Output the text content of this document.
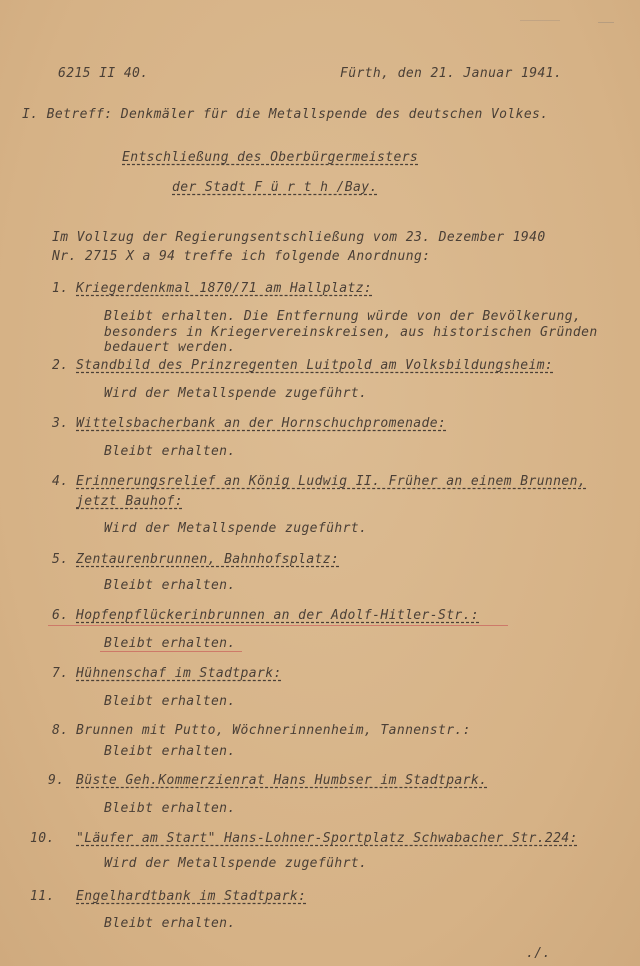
6215 II 40.	Fürth, den 21. Januar 1941.
I. Betreff: Denkmäler für die Metallspende des deutschen Volkes.
Entschließung des Oberbürgermeisters
der Stadt F ü r t h /Bay.
Im Vollzug der Regierungsentschließung vom 23. Dezember 1940
Nr. 2715 X a 94 treffe ich folgende Anordnung:
1. Kriegerdenkmal 1870/71 am Hallplatz:
Bleibt erhalten. Die Entfernung würde von der Bevölkerung,
besonders in Kriegervereinskreisen, aus historischen Gründen
bedauert werden.
2. Standbild des Prinzregenten Luitpold am Volksbildungsheim:
Wird der Metallspende zugeführt.
3. Wittelsbacherbank an der Hornschuchpromenade:
Bleibt erhalten.
4. Erinnerungsrelief an König Ludwig II. Früher an einem Brunnen,
jetzt Bauhof:
Wird der Metallspende zugeführt.
5. Zentaurenbrunnen, Bahnhofsplatz:
Bleibt erhalten.
6. Hopfenpflückerinbrunnen an der Adolf-Hitler-Str.:
Bleibt erhalten.
7. Hühnenschaf im Stadtpark:
Bleibt erhalten.
8. Brunnen mit Putto, Wöchnerinnenheim, Tannenstr.:
Bleibt erhalten.
9. Büste Geh.Kommerzienrat Hans Humbser im Stadtpark.
Bleibt erhalten.
10. "Läufer am Start" Hans-Lohner-Sportplatz Schwabacher Str.224:
Wird der Metallspende zugeführt.
11. Engelhardtbank im Stadtpark:
Bleibt erhalten.
./.
